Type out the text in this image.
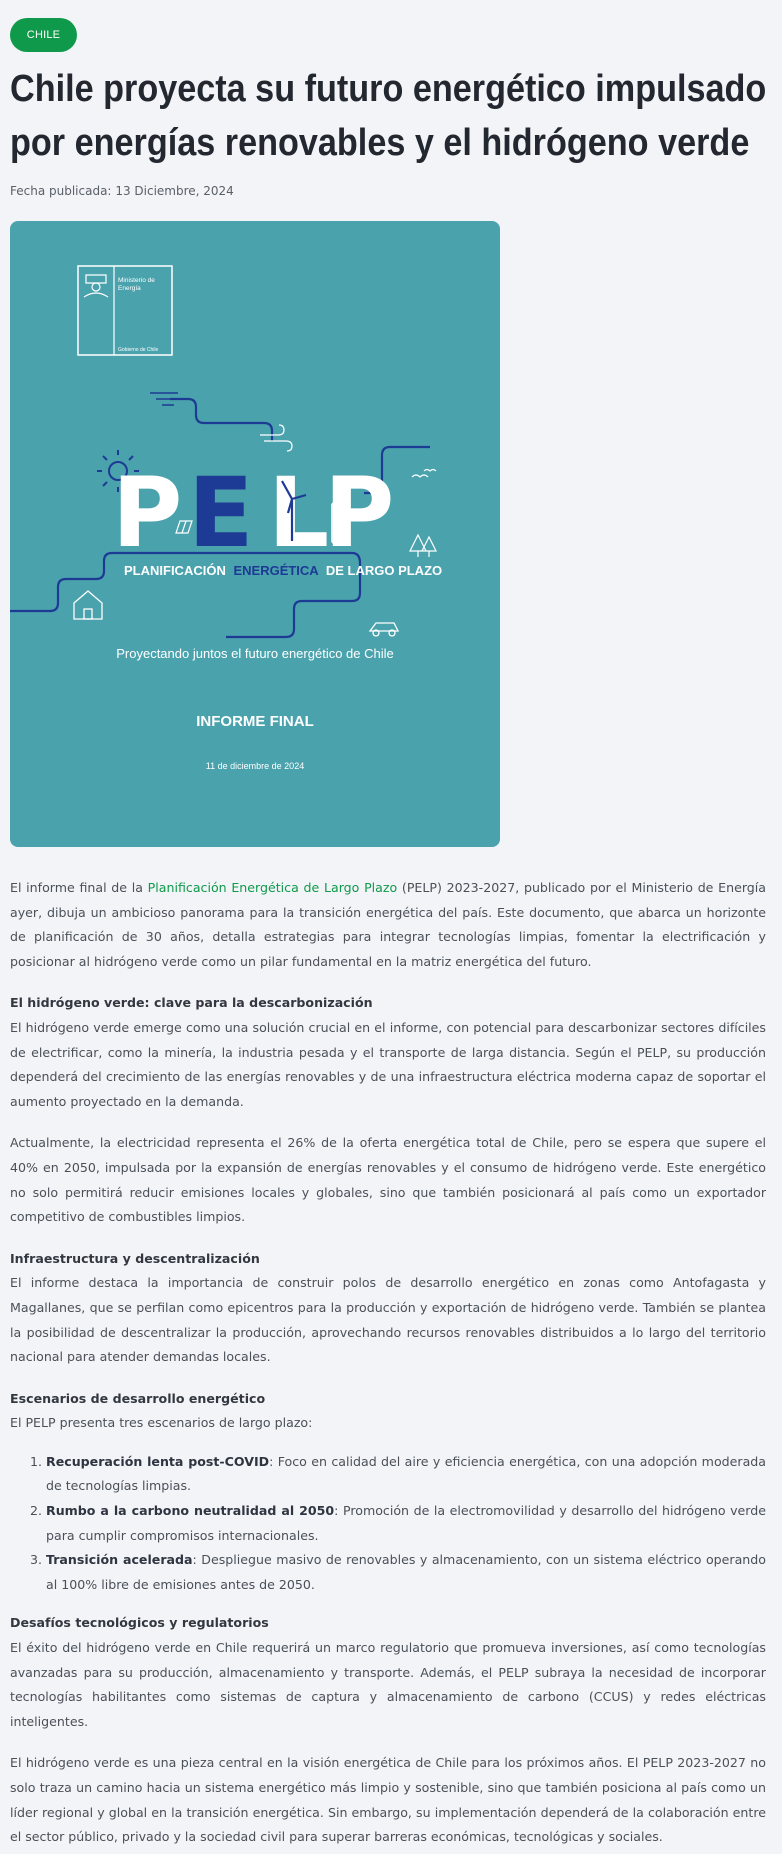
CHILE
Chile proyecta su futuro energético impulsado por energías renovables y el hidrógeno verde
Fecha publicada: 13 Diciembre, 2024
Ministerio de
Energía
Gobierno de Chile
P E L
P
PLANIFICACIÓN ENERGÉTICA DE LARGO PLAZO
Proyectando juntos el futuro energético de Chile
INFORME FINAL
11 de diciembre de 2024

El informe final de la Planificación Energética de Largo Plazo (PELP) 2023-2027, publicado por el Ministerio de Energía ayer, dibuja un ambicioso panorama para la transición energética del país. Este documento, que abarca un horizonte de planificación de 30 años, detalla estrategias para integrar tecnologías limpias, fomentar la electrificación y posicionar al hidrógeno verde como un pilar fundamental en la matriz energética del futuro.

El hidrógeno verde: clave para la descarbonización

El hidrógeno verde emerge como una solución crucial en el informe, con potencial para descarbonizar sectores difíciles de electrificar, como la minería, la industria pesada y el transporte de larga distancia. Según el PELP, su producción dependerá del crecimiento de las energías renovables y de una infraestructura eléctrica moderna capaz de soportar el aumento proyectado en la demanda.

Actualmente, la electricidad representa el 26% de la oferta energética total de Chile, pero se espera que supere el 40% en 2050, impulsada por la expansión de energías renovables y el consumo de hidrógeno verde. Este energético no solo permitirá reducir emisiones locales y globales, sino que también posicionará al país como un exportador competitivo de combustibles limpios.

Infraestructura y descentralización

El informe destaca la importancia de construir polos de desarrollo energético en zonas como Antofagasta y Magallanes, que se perfilan como epicentros para la producción y exportación de hidrógeno verde. También se plantea la posibilidad de descentralizar la producción, aprovechando recursos renovables distribuidos a lo largo del territorio nacional para atender demandas locales.

Escenarios de desarrollo energético

El PELP presenta tres escenarios de largo plazo:

1. Recuperación lenta post-COVID: Foco en calidad del aire y eficiencia energética, con una adopción moderada de tecnologías limpias.
2. Rumbo a la carbono neutralidad al 2050: Promoción de la electromovilidad y desarrollo del hidrógeno verde para cumplir compromisos internacionales.
3. Transición acelerada: Despliegue masivo de renovables y almacenamiento, con un sistema eléctrico operando al 100% libre de emisiones antes de 2050.
Desafíos tecnológicos y regulatorios

El éxito del hidrógeno verde en Chile requerirá un marco regulatorio que promueva inversiones, así como tecnologías avanzadas para su producción, almacenamiento y transporte. Además, el PELP subraya la necesidad de incorporar tecnologías habilitantes como sistemas de captura y almacenamiento de carbono (CCUS) y redes eléctricas inteligentes.

El hidrógeno verde es una pieza central en la visión energética de Chile para los próximos años. El PELP 2023-2027 no solo traza un camino hacia un sistema energético más limpio y sostenible, sino que también posiciona al país como un líder regional y global en la transición energética. Sin embargo, su implementación dependerá de la colaboración entre el sector público, privado y la sociedad civil para superar barreras económicas, tecnológicas y sociales.
